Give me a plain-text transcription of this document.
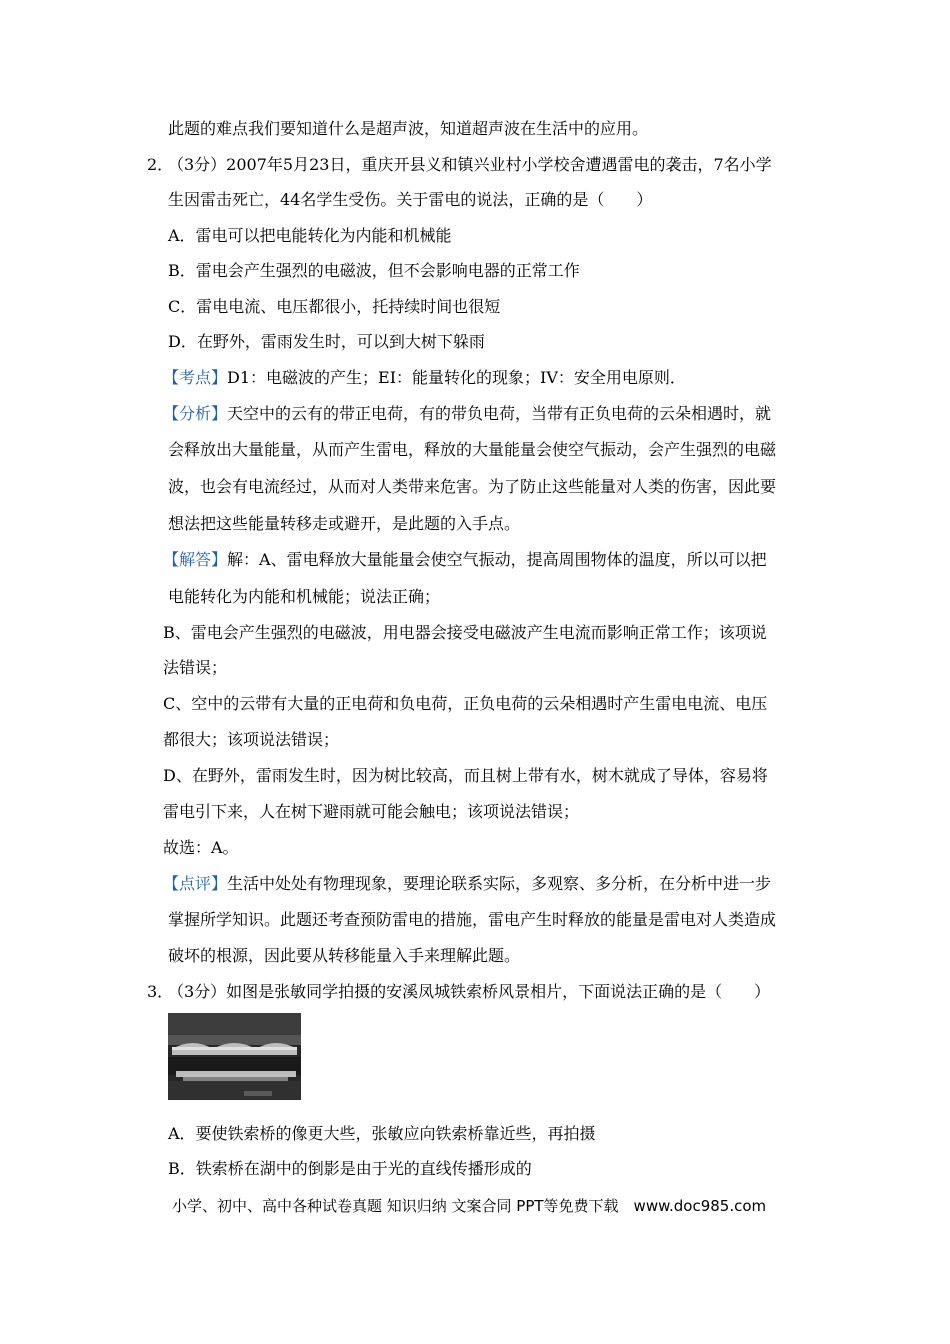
此题的难点我们要知道什么是超声波，知道超声波在生活中的应用。
2．
（3分）2007年5月23日，重庆开县义和镇兴业村小学校舍遭遇雷电的袭击，7名小学
生因雷击死亡，44名学生受伤。关于雷电的说法，正确的是（　　）
A．雷电可以把电能转化为内能和机械能
B．雷电会产生强烈的电磁波，但不会影响电器的正常工作
C．雷电电流、电压都很小，托持续时间也很短
D．在野外，雷雨发生时，可以到大树下躲雨
【考点】D1：电磁波的产生；EI：能量转化的现象；IV：安全用电原则．
【分析】天空中的云有的带正电荷，有的带负电荷，当带有正负电荷的云朵相遇时，就
会释放出大量能量，从而产生雷电，释放的大量能量会使空气振动，会产生强烈的电磁
波，也会有电流经过，从而对人类带来危害。为了防止这些能量对人类的伤害，因此要
想法把这些能量转移走或避开，是此题的入手点。
【解答】解：A、雷电释放大量能量会使空气振动，提高周围物体的温度，所以可以把
电能转化为内能和机械能；说法正确；
B、雷电会产生强烈的电磁波，用电器会接受电磁波产生电流而影响正常工作；该项说
法错误；
C、空中的云带有大量的正电荷和负电荷，正负电荷的云朵相遇时产生雷电电流、电压
都很大；该项说法错误；
D、在野外，雷雨发生时，因为树比较高，而且树上带有水，树木就成了导体，容易将
雷电引下来，人在树下避雨就可能会触电；该项说法错误；
故选：A。
【点评】生活中处处有物理现象，要理论联系实际，多观察、多分析，在分析中进一步
掌握所学知识。此题还考查预防雷电的措施，雷电产生时释放的能量是雷电对人类造成
破坏的根源，因此要从转移能量入手来理解此题。
3．
（3分）如图是张敏同学拍摄的安溪凤城铁索桥风景相片，下面说法正确的是（　　）
A．要使铁索桥的像更大些，张敏应向铁索桥靠近些，再拍摄
B．铁索桥在湖中的倒影是由于光的直线传播形成的
小学、初中、高中各种试卷真题 知识归纳 文案合同 PPT等免费下载　www.doc985.com
